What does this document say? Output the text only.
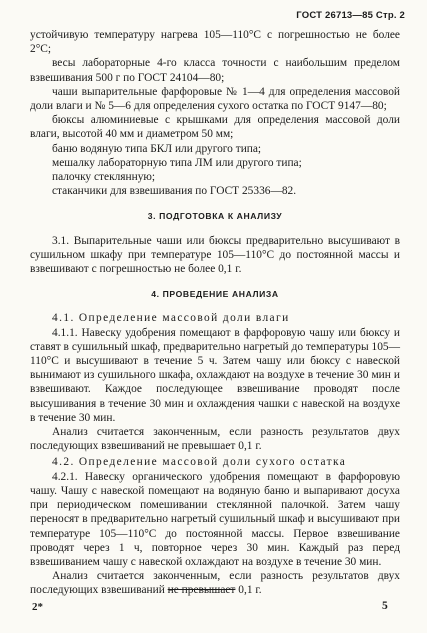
ГОСТ 26713—85 Стр. 2

устойчивую температуру нагрева 105—110°С с погрешностью не более 2°С;

весы лабораторные 4-го класса точности с наибольшим пределом взвешивания 500 г по ГОСТ 24104—80;

чаши выпарительные фарфоровые № 1—4 для определения массовой доли влаги и № 5—6 для определения сухого остатка по ГОСТ 9147—80;

бюксы алюминиевые с крышками для определения массовой доли влаги, высотой 40 мм и диаметром 50 мм;

баню водяную типа БКЛ или другого типа;

мешалку лабораторную типа ЛМ или другого типа;

палочку стеклянную;

стаканчики для взвешивания по ГОСТ 25336—82.

3. ПОДГОТОВКА К АНАЛИЗУ

3.1. Выпарительные чаши или бюксы предварительно высушивают в сушильном шкафу при температуре 105—110°С до постоянной массы и взвешивают с погрешностью не более 0,1 г.

4. ПРОВЕДЕНИЕ АНАЛИЗА

4.1. Определение массовой доли влаги

4.1.1. Навеску удобрения помещают в фарфоровую чашу или бюксу и ставят в сушильный шкаф, предварительно нагретый до температуры 105—110°С и высушивают в течение 5 ч. Затем чашу или бюксу с навеской вынимают из сушильного шкафа, охлаждают на воздухе в течение 30 мин и взвешивают. Каждое последующее взвешивание проводят после высушивания в течение 30 мин и охлаждения чашки с навеской на воздухе в течение 30 мин.

Анализ считается законченным, если разность результатов двух последующих взвешиваний не превышает 0,1 г.

4.2. Определение массовой доли сухого остатка

4.2.1. Навеску органического удобрения помещают в фарфоровую чашу. Чашу с навеской помещают на водяную баню и выпаривают досуха при периодическом помешивании стеклянной палочкой. Затем чашу переносят в предварительно нагретый сушильный шкаф и высушивают при температуре 105—110°С до постоянной массы. Первое взвешивание проводят через 1 ч, повторное через 30 мин. Каждый раз перед взвешиванием чашу с навеской охлаждают на воздухе в течение 30 мин.

Анализ считается законченным, если разность результатов двух последующих взвешиваний не превышает 0,1 г.

2*	5
